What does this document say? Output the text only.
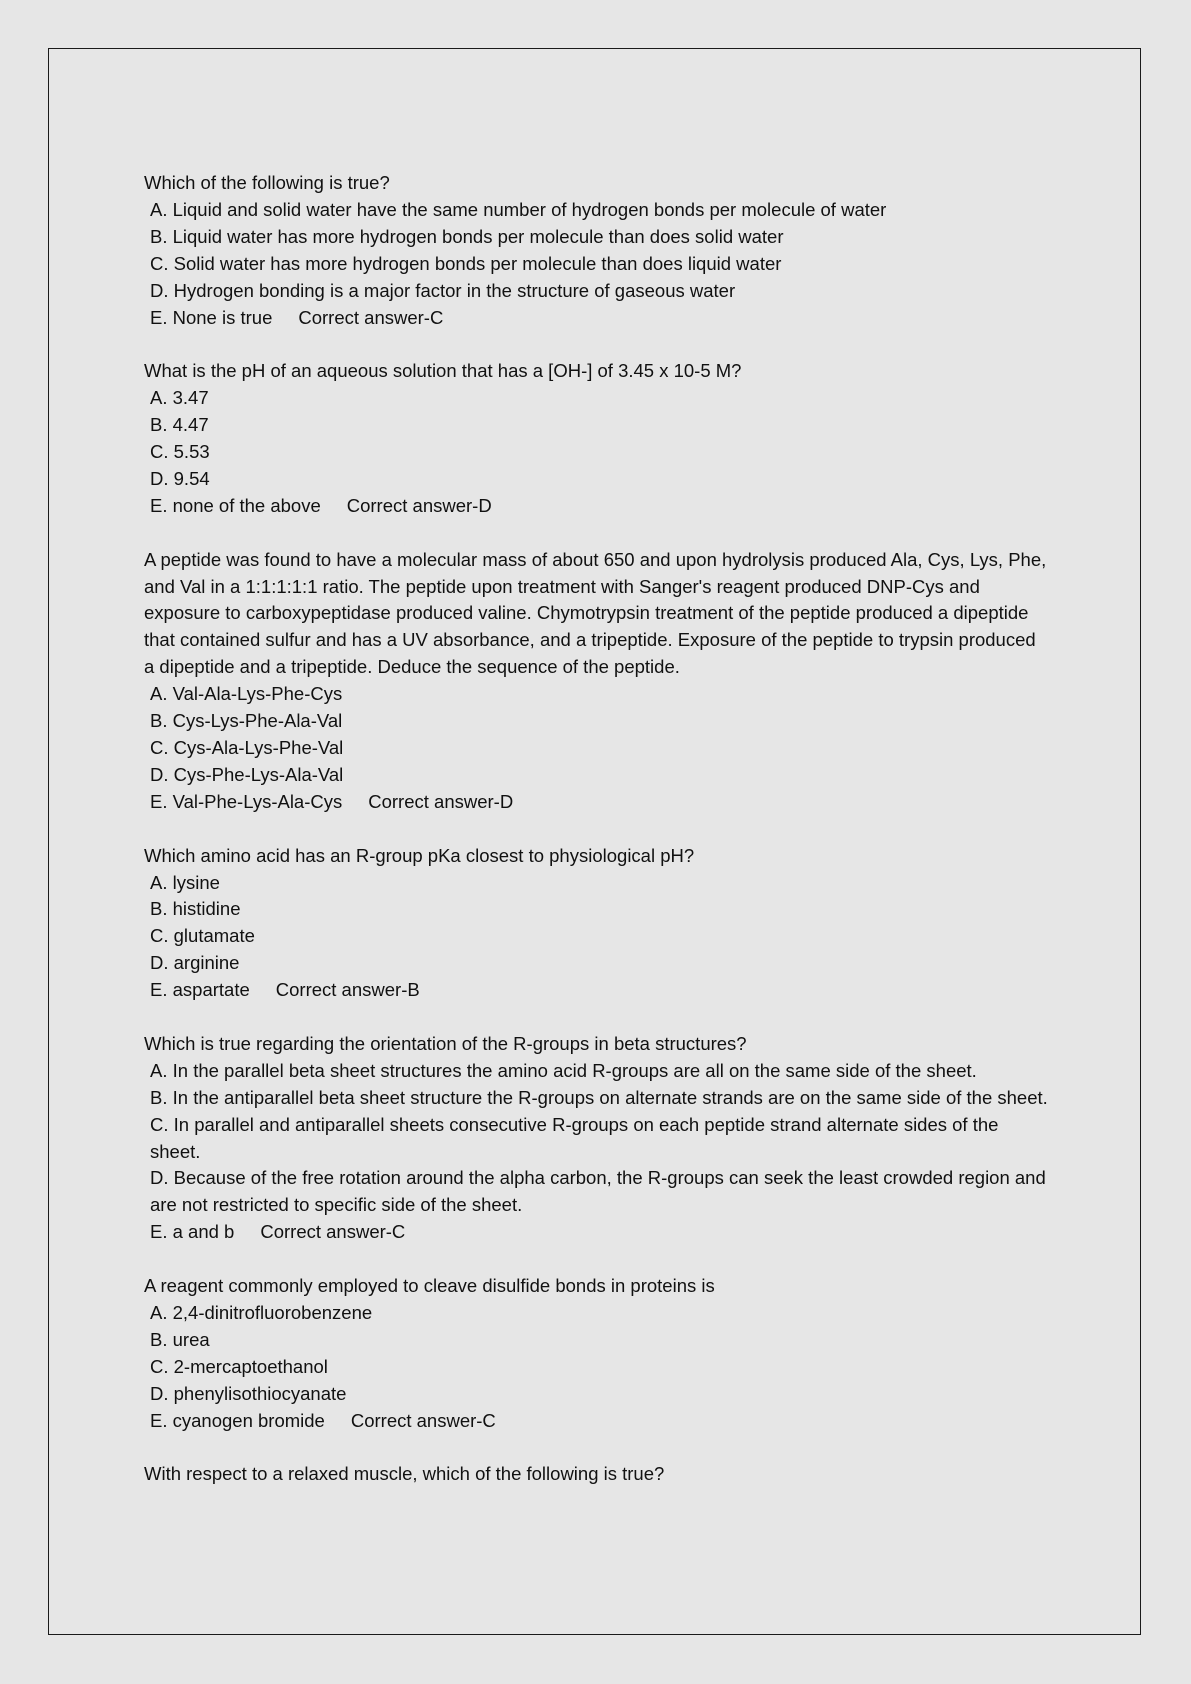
Which of the following is true?
A. Liquid and solid water have the same number of hydrogen bonds per molecule of water
B. Liquid water has more hydrogen bonds per molecule than does solid water
C. Solid water has more hydrogen bonds per molecule than does liquid water
D. Hydrogen bonding is a major factor in the structure of gaseous water
E. None is true Correct answer-C
What is the pH of an aqueous solution that has a [OH-] of 3.45 x 10-5 M?
A. 3.47
B. 4.47
C. 5.53
D. 9.54
E. none of the above Correct answer-D
A peptide was found to have a molecular mass of about 650 and upon hydrolysis produced Ala, Cys, Lys, Phe, and Val in a 1:1:1:1:1 ratio. The peptide upon treatment with Sanger's reagent produced DNP-Cys and exposure to carboxypeptidase produced valine. Chymotrypsin treatment of the peptide produced a dipeptide that contained sulfur and has a UV absorbance, and a tripeptide. Exposure of the peptide to trypsin produced a dipeptide and a tripeptide. Deduce the sequence of the peptide.
A. Val-Ala-Lys-Phe-Cys
B. Cys-Lys-Phe-Ala-Val
C. Cys-Ala-Lys-Phe-Val
D. Cys-Phe-Lys-Ala-Val
E. Val-Phe-Lys-Ala-Cys Correct answer-D
Which amino acid has an R-group pKa closest to physiological pH?
A. lysine
B. histidine
C. glutamate
D. arginine
E. aspartate Correct answer-B
Which is true regarding the orientation of the R-groups in beta structures?
A. In the parallel beta sheet structures the amino acid R-groups are all on the same side of the sheet.
B. In the antiparallel beta sheet structure the R-groups on alternate strands are on the same side of the sheet.
C. In parallel and antiparallel sheets consecutive R-groups on each peptide strand alternate sides of the sheet.
D. Because of the free rotation around the alpha carbon, the R-groups can seek the least crowded region and are not restricted to specific side of the sheet.
E. a and b Correct answer-C
A reagent commonly employed to cleave disulfide bonds in proteins is
A. 2,4-dinitrofluorobenzene
B. urea
C. 2-mercaptoethanol
D. phenylisothiocyanate
E. cyanogen bromide Correct answer-C
With respect to a relaxed muscle, which of the following is true?
